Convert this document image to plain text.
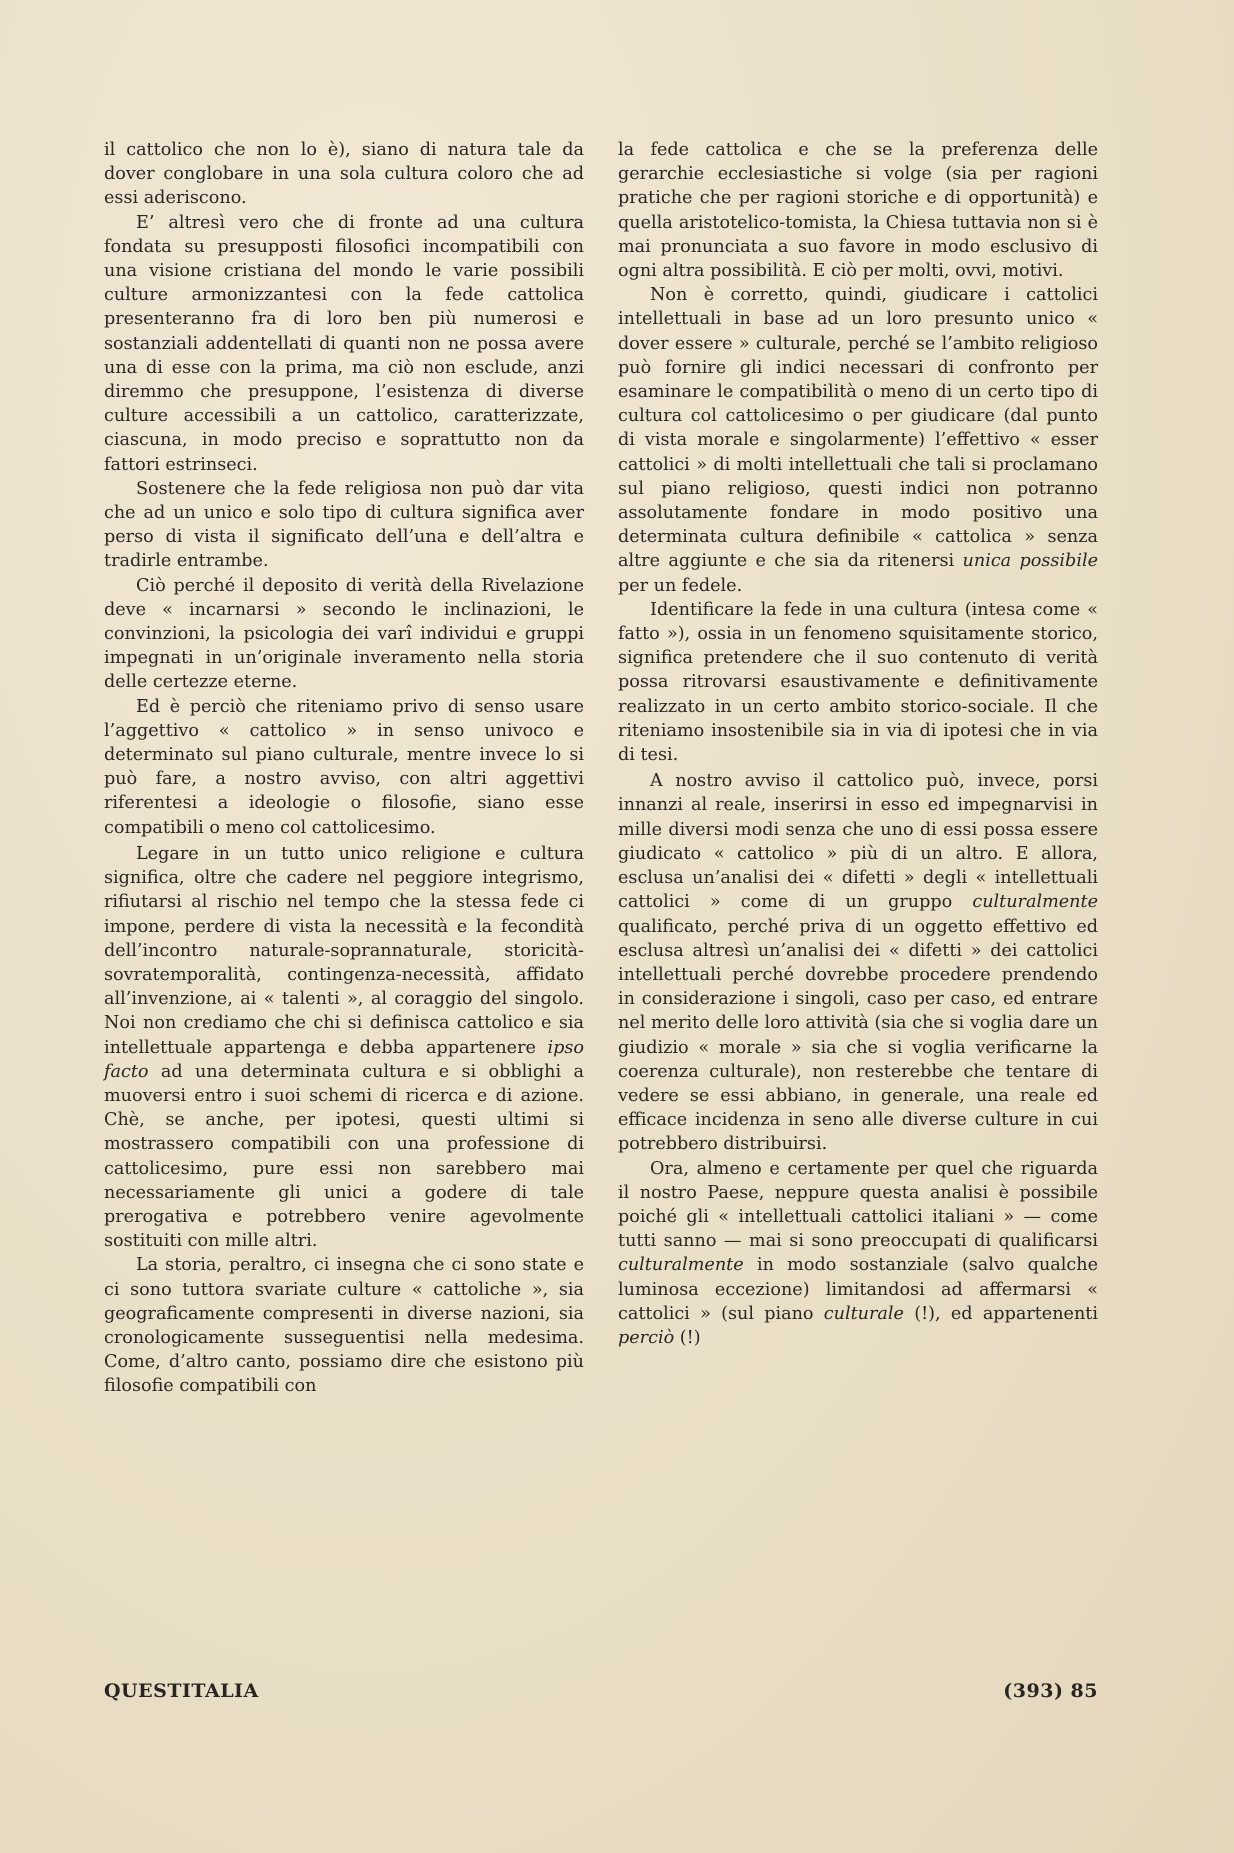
il cattolico che non lo è), siano di natura tale da dover conglobare in una sola cultura coloro che ad essi aderiscono.

E’ altresì vero che di fronte ad una cultura fondata su presupposti filosofici incompatibili con una visione cristiana del mondo le varie possibili culture armonizzantesi con la fede cattolica presenteranno fra di loro ben più numerosi e sostanziali addentellati di quanti non ne possa avere una di esse con la prima, ma ciò non esclude, anzi diremmo che presuppone, l’esistenza di diverse culture accessibili a un cattolico, caratterizzate, ciascuna, in modo preciso e soprattutto non da fattori estrinseci.

Sostenere che la fede religiosa non può dar vita che ad un unico e solo tipo di cultura significa aver perso di vista il significato dell’una e dell’altra e tradirle entrambe.

Ciò perché il deposito di verità della Rivelazione deve « incarnarsi » secondo le inclinazioni, le convinzioni, la psicologia dei varî individui e gruppi impegnati in un’originale inveramento nella storia delle certezze eterne.

Ed è perciò che riteniamo privo di senso usare l’aggettivo « cattolico » in senso univoco e determinato sul piano culturale, mentre invece lo si può fare, a nostro avviso, con altri aggettivi riferentesi a ideologie o filosofie, siano esse compatibili o meno col cattolicesimo.

Legare in un tutto unico religione e cultura significa, oltre che cadere nel peggiore integrismo, rifiutarsi al rischio nel tempo che la stessa fede ci impone, perdere di vista la necessità e la fecondità dell’incontro naturale-soprannaturale, storicità-sovratemporalità, contingenza-necessità, affidato all’invenzione, ai « talenti », al coraggio del singolo. Noi non crediamo che chi si definisca cattolico e sia intellettuale appartenga e debba appartenere ipso facto ad una determinata cultura e si obblighi a muoversi entro i suoi schemi di ricerca e di azione. Chè, se anche, per ipotesi, questi ultimi si mostrassero compatibili con una professione di cattolicesimo, pure essi non sarebbero mai necessariamente gli unici a godere di tale prerogativa e potrebbero venire agevolmente sostituiti con mille altri.

La storia, peraltro, ci insegna che ci sono state e ci sono tuttora svariate culture « cattoliche », sia geograficamente compresenti in diverse nazioni, sia cronologicamente susseguentisi nella medesima. Come, d’altro canto, possiamo dire che esistono più filosofie compatibili con

la fede cattolica e che se la preferenza delle gerarchie ecclesiastiche si volge (sia per ragioni pratiche che per ragioni storiche e di opportunità) e quella aristotelico-tomista, la Chiesa tuttavia non si è mai pronunciata a suo favore in modo esclusivo di ogni altra possibilità. E ciò per molti, ovvi, motivi.

Non è corretto, quindi, giudicare i cattolici intellettuali in base ad un loro presunto unico « dover essere » culturale, perché se l’ambito religioso può fornire gli indici necessari di confronto per esaminare le compatibilità o meno di un certo tipo di cultura col cattolicesimo o per giudicare (dal punto di vista morale e singolarmente) l’effettivo « esser cattolici » di molti intellettuali che tali si proclamano sul piano religioso, questi indici non potranno assolutamente fondare in modo positivo una determinata cultura definibile « cattolica » senza altre aggiunte e che sia da ritenersi unica possibile per un fedele.

Identificare la fede in una cultura (intesa come « fatto »), ossia in un fenomeno squisitamente storico, significa pretendere che il suo contenuto di verità possa ritrovarsi esaustivamente e definitivamente realizzato in un certo ambito storico-sociale. Il che riteniamo insostenibile sia in via di ipotesi che in via di tesi.

A nostro avviso il cattolico può, invece, porsi innanzi al reale, inserirsi in esso ed impegnarvisi in mille diversi modi senza che uno di essi possa essere giudicato « cattolico » più di un altro. E allora, esclusa un’analisi dei « difetti » degli « intellettuali cattolici » come di un gruppo culturalmente qualificato, perché priva di un oggetto effettivo ed esclusa altresì un’analisi dei « difetti » dei cattolici intellettuali perché dovrebbe procedere prendendo in considerazione i singoli, caso per caso, ed entrare nel merito delle loro attività (sia che si voglia dare un giudizio « morale » sia che si voglia verificarne la coerenza culturale), non resterebbe che tentare di vedere se essi abbiano, in generale, una reale ed efficace incidenza in seno alle diverse culture in cui potrebbero distribuirsi.

Ora, almeno e certamente per quel che riguarda il nostro Paese, neppure questa analisi è possibile poiché gli « intellettuali cattolici italiani » — come tutti sanno — mai si sono preoccupati di qualificarsi culturalmente in modo sostanziale (salvo qualche luminosa eccezione) limitandosi ad affermarsi « cattolici » (sul piano culturale (!), ed appartenenti perciò (!)

QUESTITALIA	(393) 85
